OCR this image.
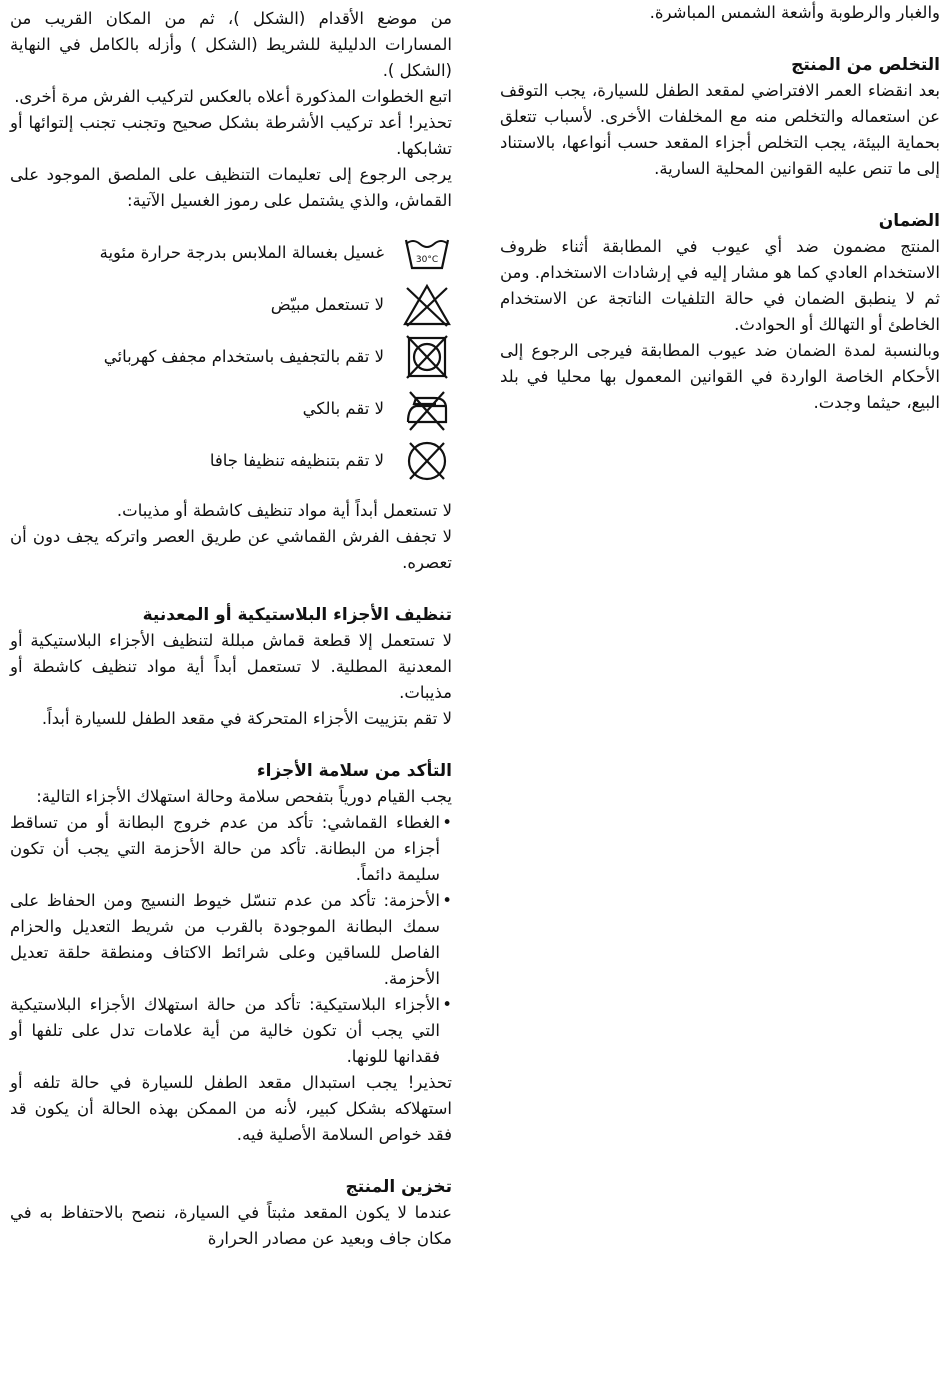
والغبار والرطوبة وأشعة الشمس المباشرة.

التخلص من المنتج

بعد انقضاء العمر الافتراضي لمقعد الطفل للسيارة، يجب التوقف عن استعماله والتخلص منه مع المخلفات الأخرى. لأسباب تتعلق بحماية البيئة، يجب التخلص أجزاء المقعد حسب أنواعها، بالاستناد إلى ما تنص عليه القوانين المحلية السارية.

الضمان

المنتج مضمون ضد أي عيوب في المطابقة أثناء ظروف الاستخدام العادي كما هو مشار إليه في إرشادات الاستخدام. ومن ثم لا ينطبق الضمان في حالة التلفيات الناتجة عن الاستخدام الخاطئ أو التهالك أو الحوادث.

وبالنسبة لمدة الضمان ضد عيوب المطابقة فيرجى الرجوع إلى الأحكام الخاصة الواردة في القوانين المعمول بها محليا في بلد البيع، حيثما وجدت.

من موضع الأقدام (الشكل )، ثم من المكان القريب من المسارات الدليلية للشريط (الشكل ) وأزله بالكامل في النهاية (الشكل ).

اتبع الخطوات المذكورة أعلاه بالعكس لتركيب الفرش مرة أخرى.

تحذير! أعد تركيب الأشرطة بشكل صحيح وتجنب تجنب إلتوائها أو تشابكها.

يرجى الرجوع إلى تعليمات التنظيف على الملصق الموجود على القماش، والذي يشتمل على رموز الغسيل الآتية:

30°C
غسيل بغسالة الملابس بدرجة حرارة مئوية
لا تستعمل مبيّض
لا تقم بالتجفيف باستخدام مجفف كهربائي
لا تقم بالكي
لا تقم بتنظيفه تنظيفا جافا

لا تستعمل أبداً أية مواد تنظيف كاشطة أو مذيبات.

لا تجفف الفرش القماشي عن طريق العصر واتركه يجف دون أن تعصره.

تنظيف الأجزاء البلاستيكية أو المعدنية

لا تستعمل إلا قطعة قماش مبللة لتنظيف الأجزاء البلاستيكية أو المعدنية المطلية. لا تستعمل أبداً أية مواد تنظيف كاشطة أو مذيبات.

لا تقم بتزييت الأجزاء المتحركة في مقعد الطفل للسيارة أبداً.

التأكد من سلامة الأجزاء

يجب القيام دورياً بتفحص سلامة وحالة استهلاك الأجزاء التالية:

• الغطاء القماشي: تأكد من عدم خروج البطانة أو من تساقط أجزاء من البطانة. تأكد من حالة الأحزمة التي يجب أن تكون سليمة دائماً.
• الأحزمة: تأكد من عدم تنسّل خيوط النسيج ومن الحفاظ على سمك البطانة الموجودة بالقرب من شريط التعديل والحزام الفاصل للساقين وعلى شرائط الاكتاف ومنطقة حلقة تعديل الأحزمة.
• الأجزاء البلاستيكية: تأكد من حالة استهلاك الأجزاء البلاستيكية التي يجب أن تكون خالية من أية علامات تدل على تلفها أو فقدانها للونها.

تحذير! يجب استبدال مقعد الطفل للسيارة في حالة تلفه أو استهلاكه بشكل كبير، لأنه من الممكن بهذه الحالة أن يكون قد فقد خواص السلامة الأصلية فيه.

تخزين المنتج

عندما لا يكون المقعد مثبتاً في السيارة، ننصح بالاحتفاظ به في مكان جاف وبعيد عن مصادر الحرارة
